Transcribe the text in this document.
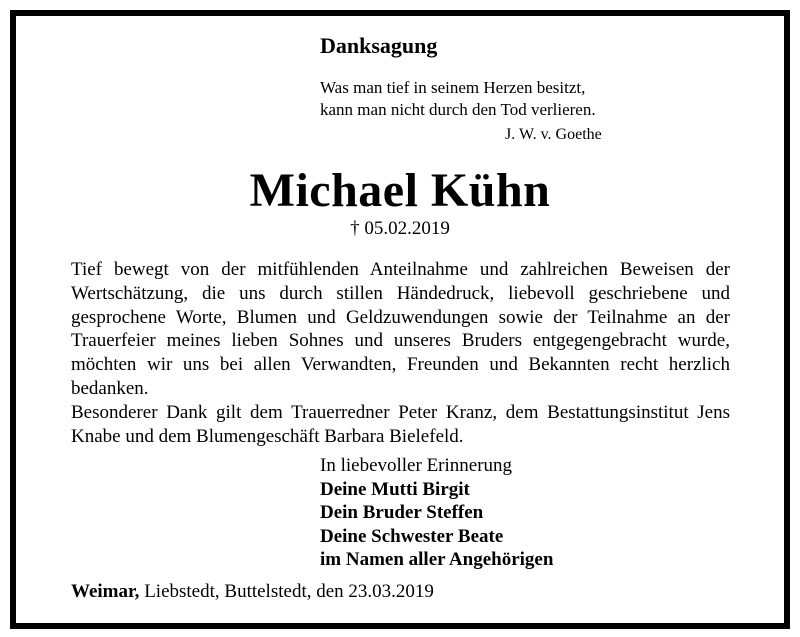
Danksagung
Was man tief in seinem Herzen besitzt,
kann man nicht durch den Tod verlieren.
J. W. v. Goethe
Michael Kühn
† 05.02.2019

Tief bewegt von der mitfühlenden Anteilnahme und zahlreichen Beweisen der Wertschätzung, die uns durch stillen Händedruck, liebevoll geschriebene und gesprochene Worte, Blumen und Geldzuwendungen sowie der Teilnahme an der Trauerfeier meines lieben Sohnes und unseres Bruders entgegengebracht wurde, möchten wir uns bei allen Verwandten, Freunden und Bekannten recht herzlich bedanken.

Besonderer Dank gilt dem Trauerredner Peter Kranz, dem Bestattungsinstitut Jens Knabe und dem Blumengeschäft Barbara Bielefeld.

In liebevoller Erinnerung
Deine Mutti Birgit
Dein Bruder Steffen
Deine Schwester Beate
im Namen aller Angehörigen
Weimar, Liebstedt, Buttelstedt, den 23.03.2019
